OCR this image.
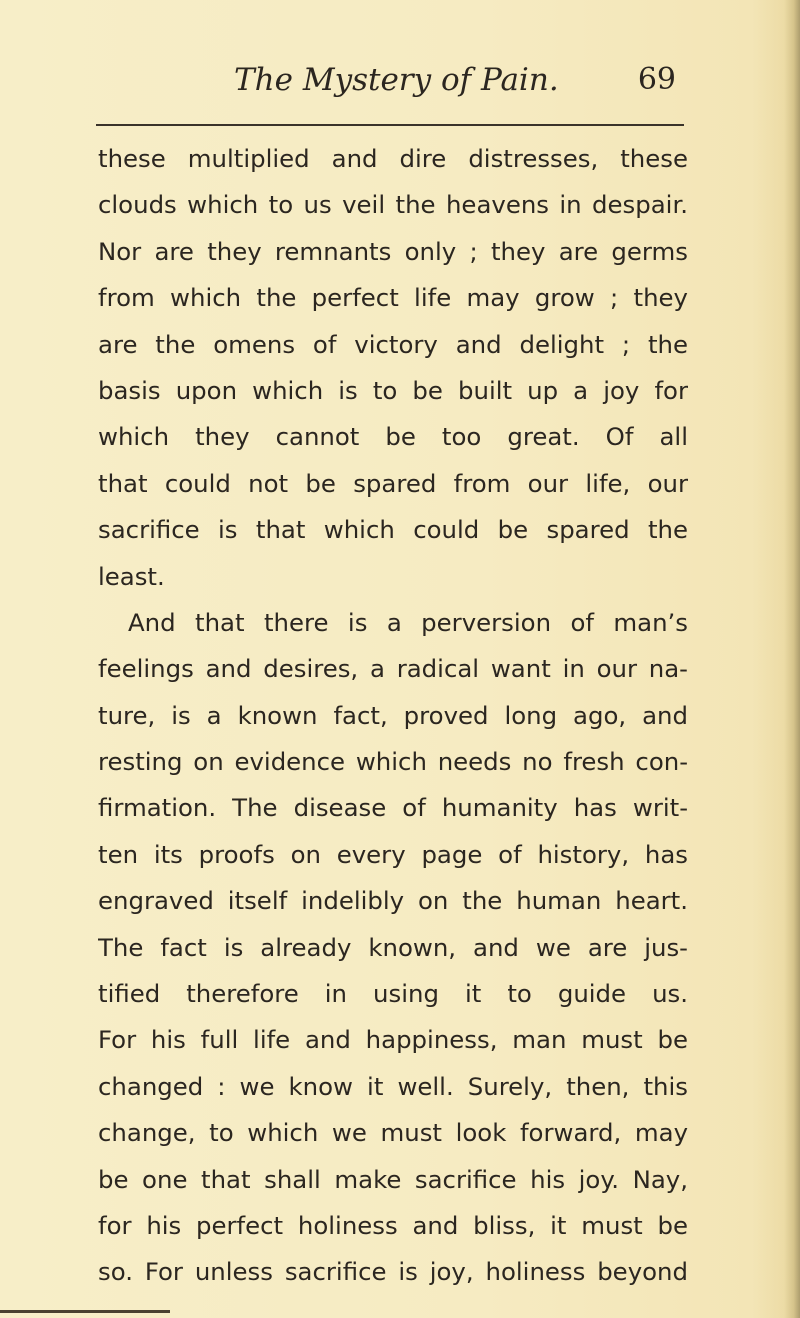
The Mystery of Pain.	69
these multiplied and dire distresses, these
clouds which to us veil the heavens in despair.
Nor are they remnants only ; they are germs
from which the perfect life may grow ; they
are the omens of victory and delight ; the
basis upon which is to be built up a joy for
which they cannot be too great. Of all
that could not be spared from our life, our
sacrifice is that which could be spared the
least.
And that there is a perversion of man’s
feelings and desires, a radical want in our na-
ture, is a known fact, proved long ago, and
resting on evidence which needs no fresh con-
firmation. The disease of humanity has writ-
ten its proofs on every page of history, has
engraved itself indelibly on the human heart.
The fact is already known, and we are jus-
tified therefore in using it to guide us.
For his full life and happiness, man must be
changed : we know it well. Surely, then, this
change, to which we must look forward, may
be one that shall make sacrifice his joy. Nay,
for his perfect holiness and bliss, it must be
so. For unless sacrifice is joy, holiness beyond
